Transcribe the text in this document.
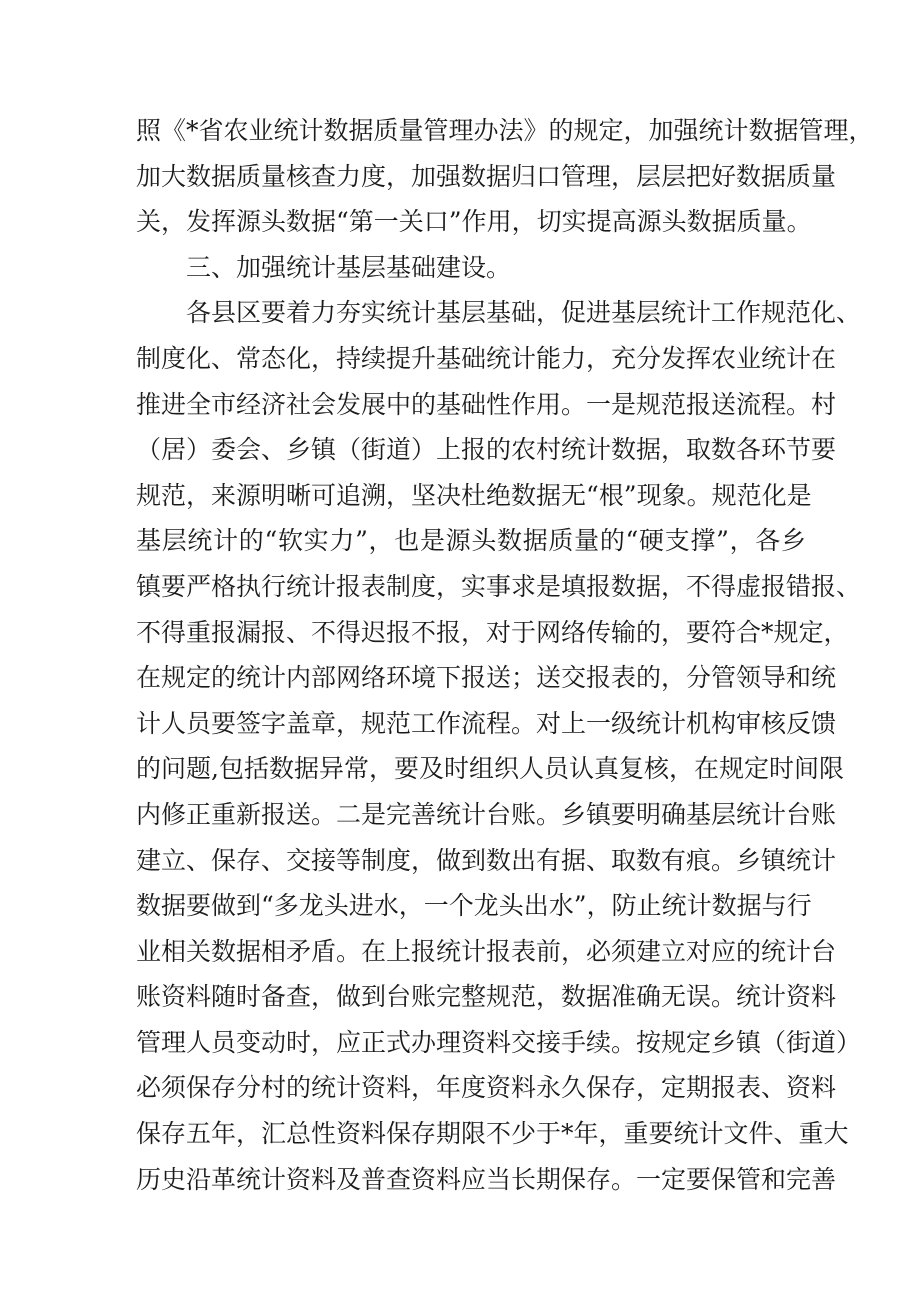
照《*省农业统计数据质量管理办法》的规定，加强统计数据管理，
加大数据质量核查力度，加强数据归口管理，层层把好数据质量
关，发挥源头数据“第一关口”作用，切实提高源头数据质量。
三、加强统计基层基础建设。
各县区要着力夯实统计基层基础，促进基层统计工作规范化、
制度化、常态化，持续提升基础统计能力，充分发挥农业统计在
推进全市经济社会发展中的基础性作用。一是规范报送流程。村
（居）委会、乡镇（街道）上报的农村统计数据，取数各环节要
规范，来源明晰可追溯，坚决杜绝数据无“根”现象。规范化是
基层统计的“软实力”，也是源头数据质量的“硬支撑”，各乡
镇要严格执行统计报表制度，实事求是填报数据，不得虚报错报、
不得重报漏报、不得迟报不报，对于网络传输的，要符合*规定，
在规定的统计内部网络环境下报送；送交报表的，分管领导和统
计人员要签字盖章，规范工作流程。对上一级统计机构审核反馈
的问题,包括数据异常，要及时组织人员认真复核，在规定时间限
内修正重新报送。二是完善统计台账。乡镇要明确基层统计台账
建立、保存、交接等制度，做到数出有据、取数有痕。乡镇统计
数据要做到“多龙头进水，一个龙头出水”，防止统计数据与行
业相关数据相矛盾。在上报统计报表前，必须建立对应的统计台
账资料随时备查，做到台账完整规范，数据准确无误。统计资料
管理人员变动时，应正式办理资料交接手续。按规定乡镇（街道）
必须保存分村的统计资料，年度资料永久保存，定期报表、资料
保存五年，汇总性资料保存期限不少于*年，重要统计文件、重大
历史沿革统计资料及普查资料应当长期保存。一定要保管和完善
